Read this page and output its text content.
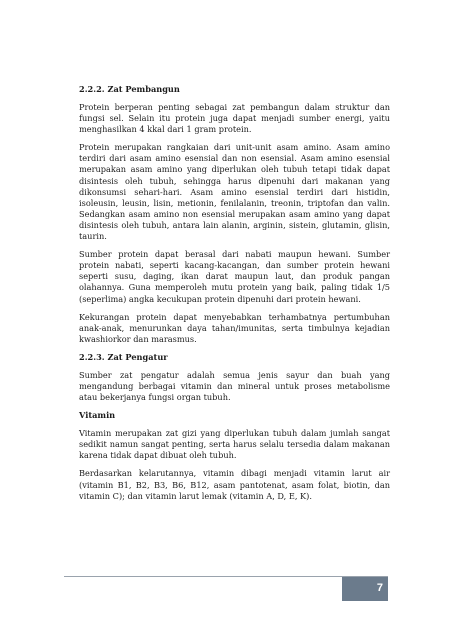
2.2.2. Zat Pembangun

Protein berperan penting sebagai zat pembangun dalam struktur dan fungsi sel. Selain itu protein juga dapat menjadi sumber energi, yaitu menghasilkan 4 kkal dari 1 gram protein.

Protein merupakan rangkaian dari unit-unit asam amino. Asam amino terdiri dari asam amino esensial dan non esensial. Asam amino esensial merupakan asam amino yang diperlukan oleh tubuh tetapi tidak dapat disintesis oleh tubuh, sehingga harus dipenuhi dari makanan yang dikonsumsi sehari-hari. Asam amino esensial terdiri dari histidin, isoleusin, leusin, lisin, metionin, fenilalanin, treonin, triptofan dan valin. Sedangkan asam amino non esensial merupakan asam amino yang dapat disintesis oleh tubuh, antara lain alanin, arginin, sistein, glutamin, glisin, taurin.

Sumber protein dapat berasal dari nabati maupun hewani. Sumber protein nabati, seperti kacang-kacangan, dan sumber protein hewani seperti susu, daging, ikan darat maupun laut, dan produk pangan olahannya. Guna memperoleh mutu protein yang baik, paling tidak 1/5 (seperlima) angka kecukupan protein dipenuhi dari protein hewani.

Kekurangan protein dapat menyebabkan terhambatnya pertumbuhan anak-anak, menurunkan daya tahan/imunitas, serta timbulnya kejadian kwashiorkor dan marasmus.

2.2.3. Zat Pengatur

Sumber zat pengatur adalah semua jenis sayur dan buah yang mengandung berbagai vitamin dan mineral untuk proses metabolisme atau bekerjanya fungsi organ tubuh.

Vitamin

Vitamin merupakan zat gizi yang diperlukan tubuh dalam jumlah sangat sedikit namun sangat penting, serta harus selalu tersedia dalam makanan karena tidak dapat dibuat oleh tubuh.

Berdasarkan kelarutannya, vitamin dibagi menjadi vitamin larut air (vitamin B1, B2, B3, B6, B12, asam pantotenat, asam folat, biotin, dan vitamin C); dan vitamin larut lemak (vitamin A, D, E, K).

7
